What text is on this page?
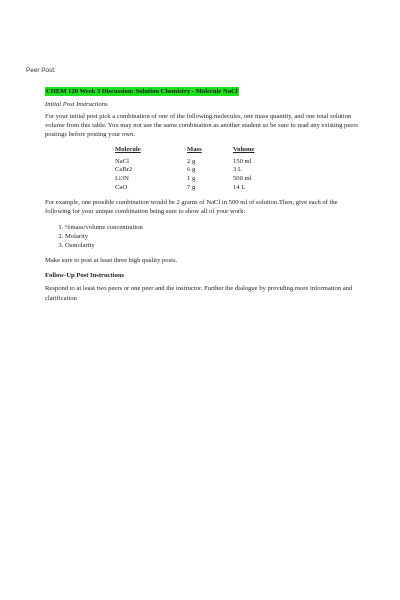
Peer Post:
CHEM 120 Week 3 Discussion: Solution Chemistry - Molecule NaCl
Initial Post Instructions

For your initial post pick a combination of one of the following molecules, one mass quantity, and one total solution volume from this table. You may not use the same combination as another student so be sure to read any existing peers postings before posting your own.

Molecule	Mass	Volume
NaCl	2 g	150 ml
CaBr2	6 g	3 L
Li3N	1 g	500 ml
CaO	7 g	14 L

For example, one possible combination would be 2 grams of NaCl in 500 ml of solution.Then, give each of the following for your unique combination being sure to show all of your work:

1. %mass/volume concentration
2. Molarity
3. Osmolarity

Make sure to post at least three high quality posts.

Follow-Up Post Instructions

Respond to at least two peers or one peer and the instructor. Further the dialogue by providing more information and clarification
